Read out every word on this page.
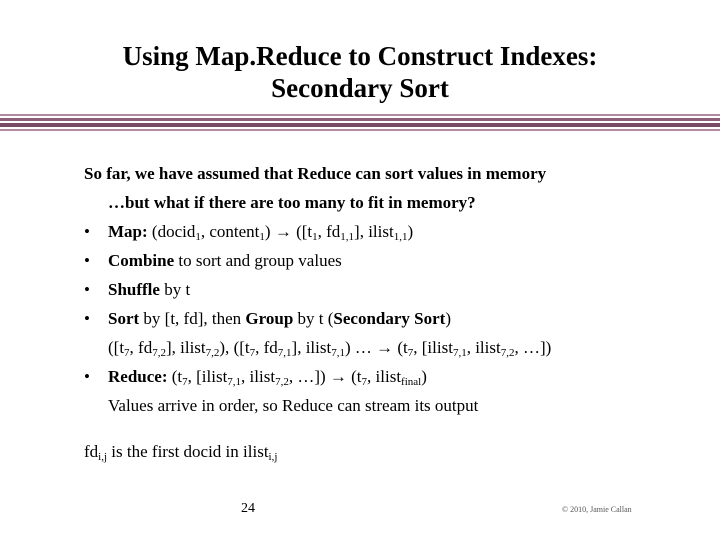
Using Map.Reduce to Construct Indexes:
Secondary Sort
So far, we have assumed that Reduce can sort values in memory
…but what if there are too many to fit in memory?
• Map: (docid$_1$, content$_1$) → ([$t_1$, $fd_{1,1}$], ilist$_{1,1}$)
• Combine to sort and group values
• Shuffle by t
• Sort by [t, fd], then Group by t (Secondary Sort)
([$t_7$, $fd_{7,2}$], ilist$_{7,2}$), ([$t_7$, $fd_{7,1}$], ilist$_{7,1}$) … → ($t_7$, [ilist$_{7,1}$, ilist$_{7,2}$, …])
• Reduce: ($t_7$, [ilist$_{7,1}$, ilist$_{7,2}$, …]) → ($t_7$, ilist$_{final}$)
Values arrive in order, so Reduce can stream its output
$fd_{i,j}$ is the first docid in ilist$_{i,j}$
24	© 2010, Jamie Callan
